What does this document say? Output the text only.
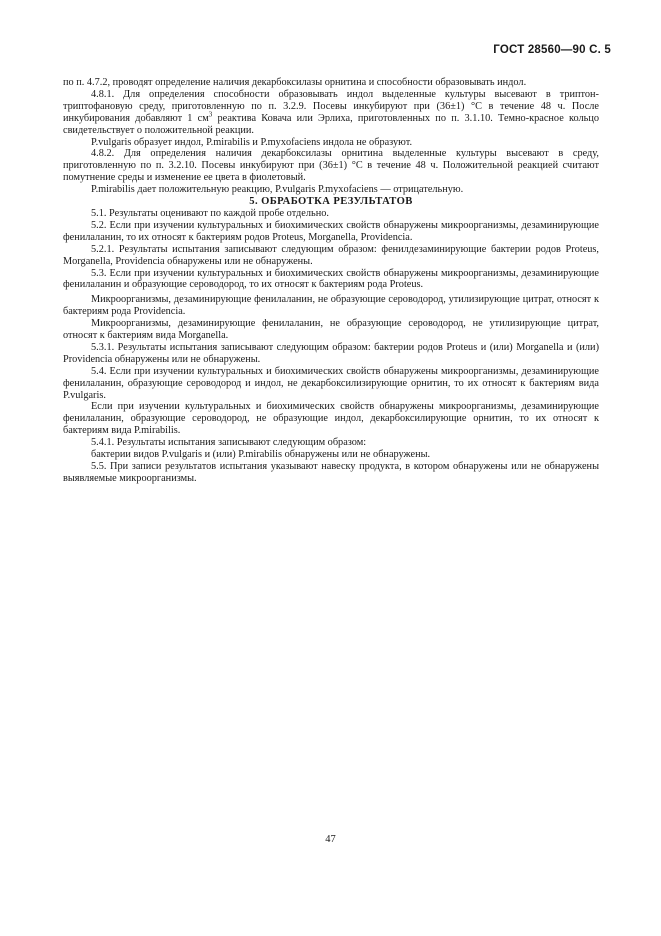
ГОСТ 28560—90 С. 5

по п. 4.7.2, проводят определение наличия декарбоксилазы орнитина и способности образовывать индол.

4.8.1. Для определения способности образовывать индол выделенные культуры высевают в триптон-триптофановую среду, приготовленную по п. 3.2.9. Посевы инкубируют при (36±1) °С в течение 48 ч. После инкубирования добавляют 1 $см^3$ реактива Ковача или Эрлиха, приготовленных по п. 3.1.10. Темно-красное кольцо свидетельствует о положительной реакции.

P.vulgaris образует индол, P.mirabilis и P.myxofaciens индола не образуют.

4.8.2. Для определения наличия декарбоксилазы орнитина выделенные культуры высевают в среду, приготовленную по п. 3.2.10. Посевы инкубируют при (36±1) °С в течение 48 ч. Положительной реакцией считают помутнение среды и изменение ее цвета в фиолетовый.

P.mirabilis дает положительную реакцию, P.vulgaris P.myxofaciens — отрицательную.

5. ОБРАБОТКА РЕЗУЛЬТАТОВ

5.1. Результаты оценивают по каждой пробе отдельно.

5.2. Если при изучении культуральных и биохимических свойств обнаружены микроорганизмы, дезаминирующие фенилаланин, то их относят к бактериям родов Proteus, Morganella, Providencia.

5.2.1. Результаты испытания записывают следующим образом: фенилдезаминирующие бактерии родов Proteus, Morganella, Providencia обнаружены или не обнаружены.

5.3. Если при изучении культуральных и биохимических свойств обнаружены микроорганизмы, дезаминирующие фенилаланин и образующие сероводород, то их относят к бактериям рода Proteus.

Микроорганизмы, дезаминирующие фенилаланин, не образующие сероводород, утилизирующие цитрат, относят к бактериям рода Providencia.

Микроорганизмы, дезаминирующие фенилаланин, не образующие сероводород, не утилизирующие цитрат, относят к бактериям вида Morganella.

5.3.1. Результаты испытания записывают следующим образом: бактерии родов Proteus и (или) Morganella и (или) Providencia обнаружены или не обнаружены.

5.4. Если при изучении культуральных и биохимических свойств обнаружены микроорганизмы, дезаминирующие фенилаланин, образующие сероводород и индол, не декарбоксилизирующие орнитин, то их относят к бактериям вида P.vulgaris.

Если при изучении культуральных и биохимических свойств обнаружены микроорганизмы, дезаминирующие фенилаланин, образующие сероводород, не образующие индол, декарбоксилирующие орнитин, то их относят к бактериям вида P.mirabilis.

5.4.1. Результаты испытания записывают следующим образом:

бактерии видов P.vulgaris и (или) P.mirabilis обнаружены или не обнаружены.

5.5. При записи результатов испытания указывают навеску продукта, в котором обнаружены или не обнаружены выявляемые микроорганизмы.

47
